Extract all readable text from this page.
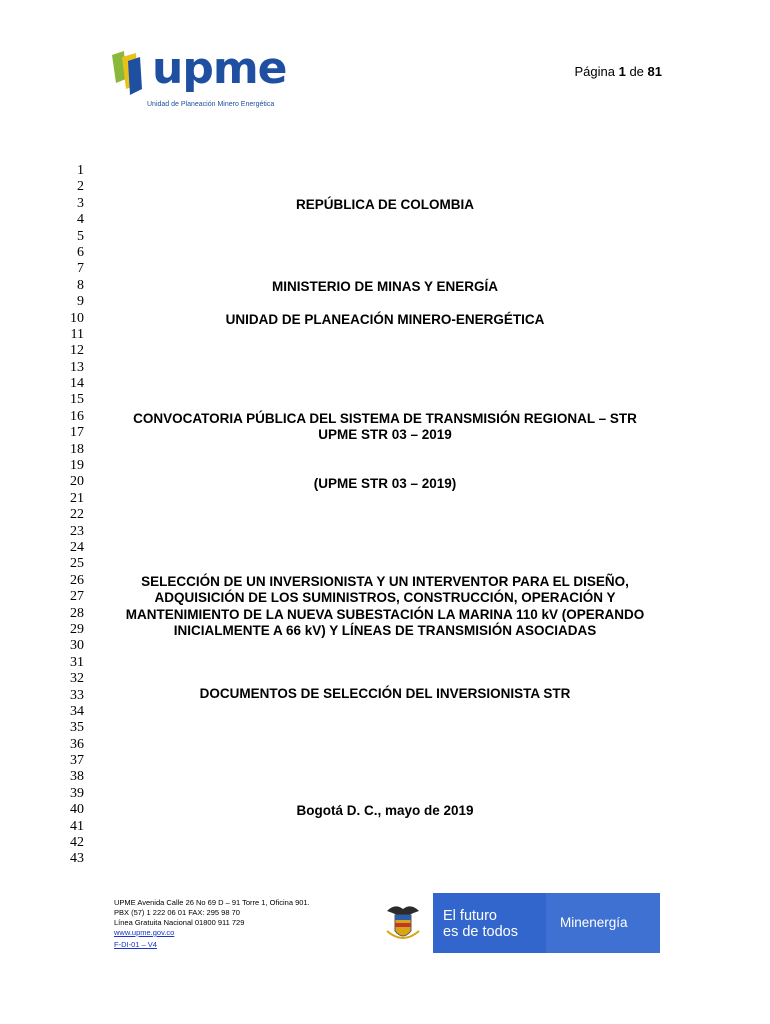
upme
Unidad de Planeación Minero Energética
Página 1 de 81
1
2
3
4
5
6
7
8
9
10
11
12
13
14
15
16
17
18
19
20
21
22
23
24
25
26
27
28
29
30
31
32
33
34
35
36
37
38
39
40
41
42
43
REPÚBLICA DE COLOMBIA
MINISTERIO DE MINAS Y ENERGÍA
UNIDAD DE PLANEACIÓN MINERO-ENERGÉTICA
CONVOCATORIA PÚBLICA DEL SISTEMA DE TRANSMISIÓN REGIONAL – STR
UPME STR 03 – 2019
(UPME STR 03 – 2019)
SELECCIÓN DE UN INVERSIONISTA Y UN INTERVENTOR PARA EL DISEÑO,
ADQUISICIÓN DE LOS SUMINISTROS, CONSTRUCCIÓN, OPERACIÓN Y
MANTENIMIENTO DE LA NUEVA SUBESTACIÓN LA MARINA 110 kV (OPERANDO
INICIALMENTE A 66 kV) Y LÍNEAS DE TRANSMISIÓN ASOCIADAS
DOCUMENTOS DE SELECCIÓN DEL INVERSIONISTA STR
Bogotá D. C., mayo de 2019
UPME Avenida Calle 26 No 69 D – 91 Torre 1, Oficina 901.
PBX (57) 1 222 06 01 FAX: 295 98 70
Línea Gratuita Nacional 01800 911 729
www.upme.gov.co
F-DI-01 – V4
El futuro
es de todos
Minenergía
